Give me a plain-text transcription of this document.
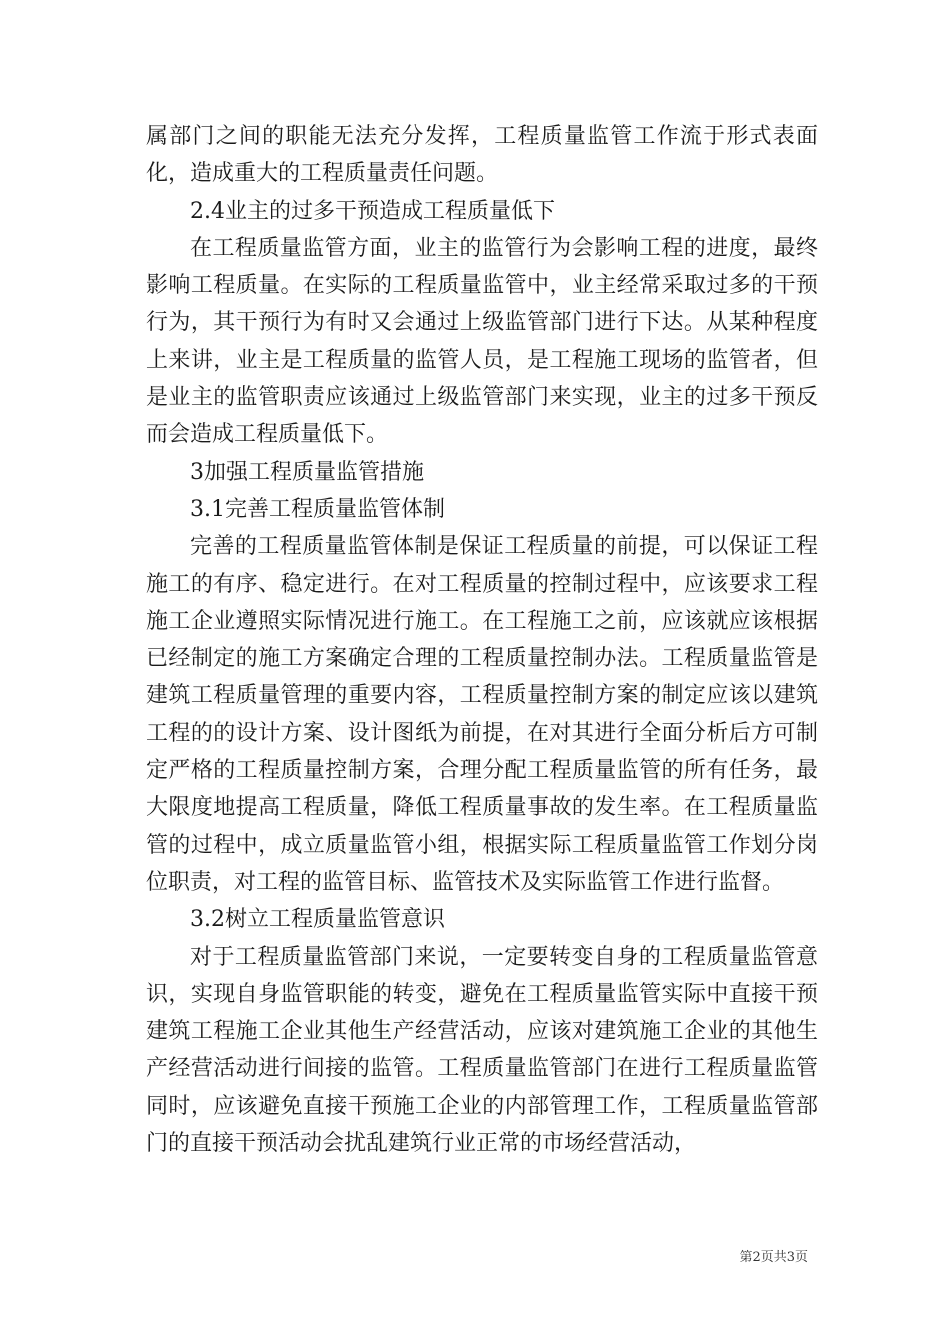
属部门之间的职能无法充分发挥，工程质量监管工作流于形式表面化，造成重大的工程质量责任问题。

2.4业主的过多干预造成工程质量低下

在工程质量监管方面，业主的监管行为会影响工程的进度，最终影响工程质量。在实际的工程质量监管中，业主经常采取过多的干预行为，其干预行为有时又会通过上级监管部门进行下达。从某种程度上来讲，业主是工程质量的监管人员，是工程施工现场的监管者，但是业主的监管职责应该通过上级监管部门来实现，业主的过多干预反而会造成工程质量低下。

3加强工程质量监管措施

3.1完善工程质量监管体制

完善的工程质量监管体制是保证工程质量的前提，可以保证工程施工的有序、稳定进行。在对工程质量的控制过程中，应该要求工程施工企业遵照实际情况进行施工。在工程施工之前，应该就应该根据已经制定的施工方案确定合理的工程质量控制办法。工程质量监管是建筑工程质量管理的重要内容，工程质量控制方案的制定应该以建筑工程的的设计方案、设计图纸为前提，在对其进行全面分析后方可制定严格的工程质量控制方案，合理分配工程质量监管的所有任务，最大限度地提高工程质量，降低工程质量事故的发生率。在工程质量监管的过程中，成立质量监管小组，根据实际工程质量监管工作划分岗位职责，对工程的监管目标、监管技术及实际监管工作进行监督。

3.2树立工程质量监管意识

对于工程质量监管部门来说，一定要转变自身的工程质量监管意识，实现自身监管职能的转变，避免在工程质量监管实际中直接干预建筑工程施工企业其他生产经营活动，应该对建筑施工企业的其他生产经营活动进行间接的监管。工程质量监管部门在进行工程质量监管同时，应该避免直接干预施工企业的内部管理工作，工程质量监管部门的直接干预活动会扰乱建筑行业正常的市场经营活动，

第2页共3页
